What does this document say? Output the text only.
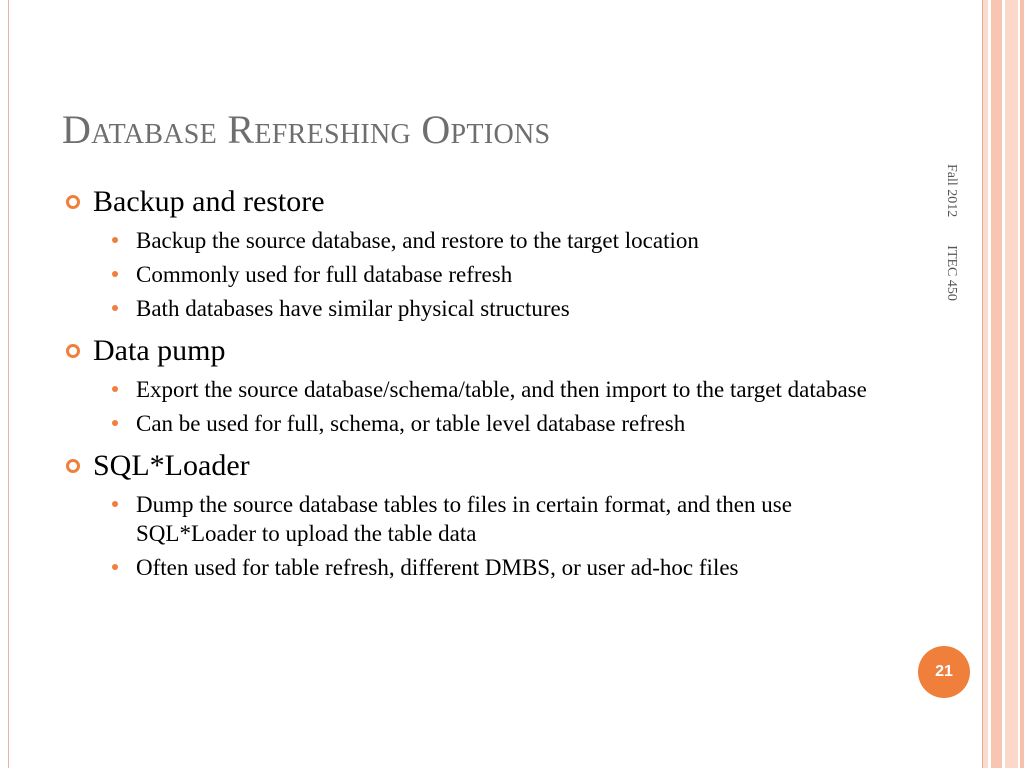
Database Refreshing Options
Backup and restore
Backup the source database, and restore to the target location
Commonly used for full database refresh
Bath databases have similar physical structures
Data pump
Export the source database/schema/table, and then import to the target database
Can be used for full, schema, or table level database refresh
SQL*Loader
Dump the source database tables to files in certain format, and then use SQL*Loader to upload the table data
Often used for table refresh, different DMBS, or user ad-hoc files
Fall 2012ITEC 450
21
